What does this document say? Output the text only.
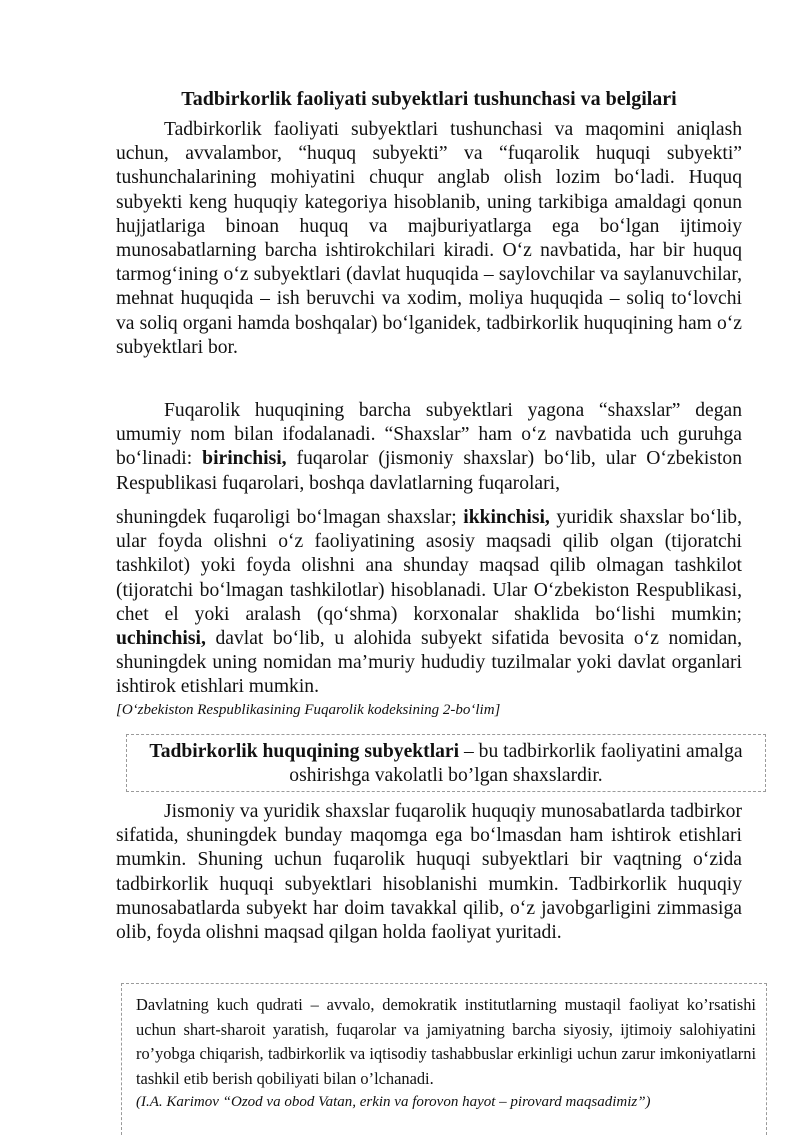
Tadbirkorlik faoliyati subyektlari tushunchasi va belgilari

Tadbirkorlik faoliyati subyektlari tushunchasi va maqomini aniqlash uchun, avvalambor, “huquq subyekti” va “fuqarolik huquqi subyekti” tushunchalarining mohiyatini chuqur anglab olish lozim bo‘ladi. Huquq subyekti keng huquqiy kategoriya hisoblanib, uning tarkibiga amaldagi qonun hujjatlariga binoan huquq va majburiyatlarga ega bo‘lgan ijtimoiy munosabatlarning barcha ishtirokchilari kiradi. O‘z navbatida, har bir huquq tarmog‘ining o‘z subyektlari (davlat huquqida – saylovchilar va saylanuvchilar, mehnat huquqida – ish beruvchi va xodim, moliya huquqida – soliq to‘lovchi va soliq organi hamda boshqalar) bo‘lganidek, tadbirkorlik huquqining ham o‘z subyektlari bor.

Fuqarolik huquqining barcha subyektlari yagona “shaxslar” degan umumiy nom bilan ifodalanadi. “Shaxslar” ham o‘z navbatida uch guruhga bo‘linadi: birinchisi, fuqarolar (jismoniy shaxslar) bo‘lib, ular O‘zbekiston Respublikasi fuqarolari, boshqa davlatlarning fuqarolari,

shuningdek fuqaroligi bo‘lmagan shaxslar; ikkinchisi, yuridik shaxslar bo‘lib, ular foyda olishni o‘z faoliyatining asosiy maqsadi qilib olgan (tijoratchi tashkilot) yoki foyda olishni ana shunday maqsad qilib olmagan tashkilot (tijoratchi bo‘lmagan tashkilotlar) hisoblanadi. Ular O‘zbekiston Respublikasi, chet el yoki aralash (qo‘shma) korxonalar shaklida bo‘lishi mumkin; uchinchisi, davlat bo‘lib, u alohida subyekt sifatida bevosita o‘z nomidan, shuningdek uning nomidan ma’muriy hududiy tuzilmalar yoki davlat organlari ishtirok etishlari mumkin.

[O‘zbekiston Respublikasining Fuqarolik kodeksining 2-bo‘lim]

Tadbirkorlik huquqining subyektlari – bu tadbirkorlik faoliyatini amalga oshirishga vakolatli bo’lgan shaxslardir.

Jismoniy va yuridik shaxslar fuqarolik huquqiy munosabatlarda tadbirkor sifatida, shuningdek bunday maqomga ega bo‘lmasdan ham ishtirok etishlari mumkin. Shuning uchun fuqarolik huquqi subyektlari bir vaqtning o‘zida tadbirkorlik huquqi subyektlari hisoblanishi mumkin. Tadbirkorlik huquqiy munosabatlarda subyekt har doim tavakkal qilib, o‘z javobgarligini zimmasiga olib, foyda olishni maqsad qilgan holda faoliyat yuritadi.

Davlatning kuch qudrati – avvalo, demokratik institutlarning mustaqil faoliyat ko’rsatishi uchun shart-sharoit yaratish, fuqarolar va jamiyatning barcha siyosiy, ijtimoiy salohiyatini ro’yobga chiqarish, tadbirkorlik va iqtisodiy tashabbuslar erkinligi uchun zarur imkoniyatlarni tashkil etib berish qobiliyati bilan o’lchanadi.

(I.A. Karimov “Ozod va obod Vatan, erkin va forovon hayot – pirovard maqsadimiz”)
